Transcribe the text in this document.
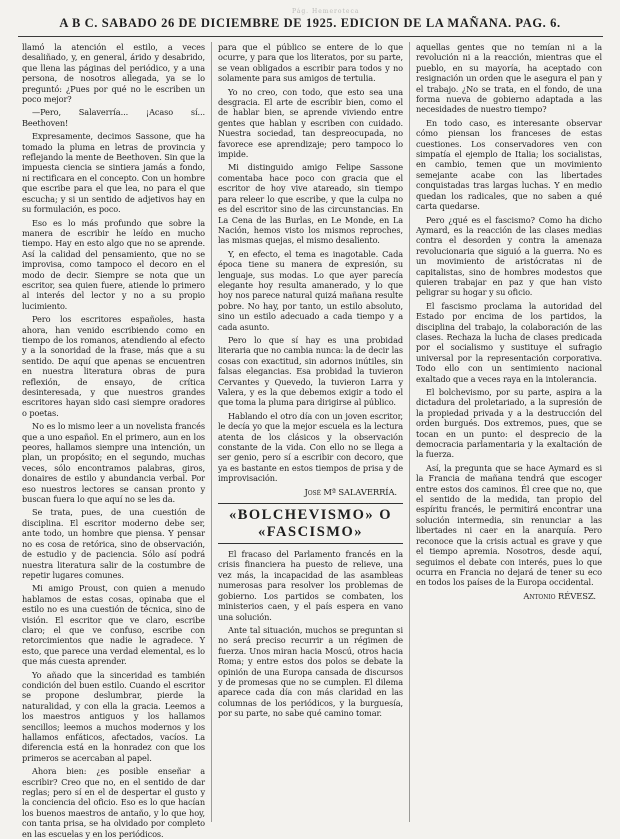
Pág. Hemeroteca
A B C. SABADO 26 DE DICIEMBRE DE 1925. EDICION DE LA MAÑANA. PAG. 6.

llamó la atención el estilo, a veces desaliñado, y, en general, árido y desabrido, que llena las páginas del periódico, y a una persona, de nosotros allegada, ya se lo preguntó: ¿Pues por qué no le escriben un poco mejor?

—Pero, Salaverría... ¡Acaso sí... Beethoven!

Expresamente, decimos Sassone, que ha tomado la pluma en letras de provincia y reflejando la mente de Beethoven. Sin que la impuesta ciencia se sintiera jamás a fondo, ni rectificara en el concepto. Con un hombre que escribe para el que lea, no para el que escucha; y si un sentido de adjetivos hay en su formulación, es poco.

Eso es lo más profundo que sobre la manera de escribir he leído en mucho tiempo. Hay en esto algo que no se aprende. Así la calidad del pensamiento, que no se improvisa, como tampoco el decoro en el modo de decir. Siempre se nota que un escritor, sea quien fuere, atiende lo primero al interés del lector y no a su propio lucimiento.

Pero los escritores españoles, hasta ahora, han venido escribiendo como en tiempo de los romanos, atendiendo al efecto y a la sonoridad de la frase, más que a su sentido. De aquí que apenas se encuentren en nuestra literatura obras de pura reflexión, de ensayo, de crítica desinteresada, y que nuestros grandes escritores hayan sido casi siempre oradores o poetas.

No es lo mismo leer a un novelista francés que a uno español. En el primero, aun en los peores, hallamos siempre una intención, un plan, un propósito; en el segundo, muchas veces, sólo encontramos palabras, giros, donaires de estilo y abundancia verbal. Por eso nuestros lectores se cansan pronto y buscan fuera lo que aquí no se les da.

Se trata, pues, de una cuestión de disciplina. El escritor moderno debe ser, ante todo, un hombre que piensa. Y pensar no es cosa de retórica, sino de observación, de estudio y de paciencia. Sólo así podrá nuestra literatura salir de la costumbre de repetir lugares comunes.

Mi amigo Proust, con quien a menudo hablamos de estas cosas, opinaba que el estilo no es una cuestión de técnica, sino de visión. El escritor que ve claro, escribe claro; el que ve confuso, escribe con retorcimientos que nadie le agradece. Y esto, que parece una verdad elemental, es lo que más cuesta aprender.

Yo añado que la sinceridad es también condición del buen estilo. Cuando el escritor se propone deslumbrar, pierde la naturalidad, y con ella la gracia. Leemos a los maestros antiguos y los hallamos sencillos; leemos a muchos modernos y los hallamos enfáticos, afectados, vacíos. La diferencia está en la honradez con que los primeros se acercaban al papel.

Ahora bien: ¿es posible enseñar a escribir? Creo que no, en el sentido de dar reglas; pero sí en el de despertar el gusto y la conciencia del oficio. Eso es lo que hacían los buenos maestros de antaño, y lo que hoy, con tanta prisa, se ha olvidado por completo en las escuelas y en los periódicos.

para que el público se entere de lo que ocurre, y para que los literatos, por su parte, se vean obligados a escribir para todos y no solamente para sus amigos de tertulia.

Yo no creo, con todo, que esto sea una desgracia. El arte de escribir bien, como el de hablar bien, se aprende viviendo entre gentes que hablan y escriben con cuidado. Nuestra sociedad, tan despreocupada, no favorece ese aprendizaje; pero tampoco lo impide.

Mi distinguido amigo Felipe Sassone comentaba hace poco con gracia que el escritor de hoy vive atareado, sin tiempo para releer lo que escribe, y que la culpa no es del escritor sino de las circunstancias. En La Cena de las Burlas, en Le Monde, en La Nación, hemos visto los mismos reproches, las mismas quejas, el mismo desaliento.

Y, en efecto, el tema es inagotable. Cada época tiene su manera de expresión, su lenguaje, sus modas. Lo que ayer parecía elegante hoy resulta amanerado, y lo que hoy nos parece natural quizá mañana resulte pobre. No hay, por tanto, un estilo absoluto, sino un estilo adecuado a cada tiempo y a cada asunto.

Pero lo que sí hay es una probidad literaria que no cambia nunca: la de decir las cosas con exactitud, sin adornos inútiles, sin falsas elegancias. Esa probidad la tuvieron Cervantes y Quevedo, la tuvieron Larra y Valera, y es la que debemos exigir a todo el que toma la pluma para dirigirse al público.

Hablando el otro día con un joven escritor, le decía yo que la mejor escuela es la lectura atenta de los clásicos y la observación constante de la vida. Con ello no se llega a ser genio, pero sí a escribir con decoro, que ya es bastante en estos tiempos de prisa y de improvisación.

José Mª SALAVERRÍA.
«BOLCHEVISMO» O «FASCISMO»

El fracaso del Parlamento francés en la crisis financiera ha puesto de relieve, una vez más, la incapacidad de las asambleas numerosas para resolver los problemas de gobierno. Los partidos se combaten, los ministerios caen, y el país espera en vano una solución.

Ante tal situación, muchos se preguntan si no será preciso recurrir a un régimen de fuerza. Unos miran hacia Moscú, otros hacia Roma; y entre estos dos polos se debate la opinión de una Europa cansada de discursos y de promesas que no se cumplen. El dilema aparece cada día con más claridad en las columnas de los periódicos, y la burguesía, por su parte, no sabe qué camino tomar.

aquellas gentes que no temían ni a la revolución ni a la reacción, mientras que el pueblo, en su mayoría, ha aceptado con resignación un orden que le asegura el pan y el trabajo. ¿No se trata, en el fondo, de una forma nueva de gobierno adaptada a las necesidades de nuestro tiempo?

En todo caso, es interesante observar cómo piensan los franceses de estas cuestiones. Los conservadores ven con simpatía el ejemplo de Italia; los socialistas, en cambio, temen que un movimiento semejante acabe con las libertades conquistadas tras largas luchas. Y en medio quedan los radicales, que no saben a qué carta quedarse.

Pero ¿qué es el fascismo? Como ha dicho Aymard, es la reacción de las clases medias contra el desorden y contra la amenaza revolucionaria que siguió a la guerra. No es un movimiento de aristócratas ni de capitalistas, sino de hombres modestos que quieren trabajar en paz y que han visto peligrar su hogar y su oficio.

El fascismo proclama la autoridad del Estado por encima de los partidos, la disciplina del trabajo, la colaboración de las clases. Rechaza la lucha de clases predicada por el socialismo y sustituye el sufragio universal por la representación corporativa. Todo ello con un sentimiento nacional exaltado que a veces raya en la intolerancia.

El bolchevismo, por su parte, aspira a la dictadura del proletariado, a la supresión de la propiedad privada y a la destrucción del orden burgués. Dos extremos, pues, que se tocan en un punto: el desprecio de la democracia parlamentaria y la exaltación de la fuerza.

Así, la pregunta que se hace Aymard es si la Francia de mañana tendrá que escoger entre estos dos caminos. Él cree que no, que el sentido de la medida, tan propio del espíritu francés, le permitirá encontrar una solución intermedia, sin renunciar a las libertades ni caer en la anarquía. Pero reconoce que la crisis actual es grave y que el tiempo apremia. Nosotros, desde aquí, seguimos el debate con interés, pues lo que ocurra en Francia no dejará de tener su eco en todos los países de la Europa occidental.

Antonio RÉVESZ.
